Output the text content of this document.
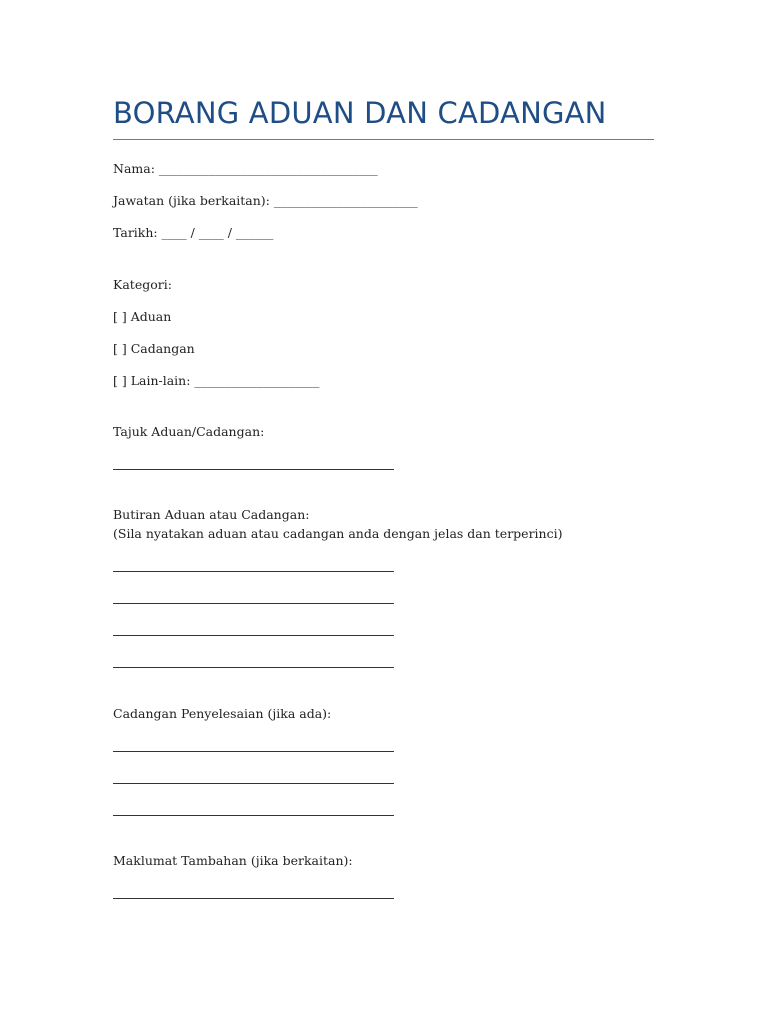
BORANG ADUAN DAN CADANGAN
Nama: ___________________________________
Jawatan (jika berkaitan): _______________________
Tarikh: ____ / ____ / ______
Kategori:
[ ] Aduan
[ ] Cadangan
[ ] Lain-lain: ____________________
Tajuk Aduan/Cadangan:
Butiran Aduan atau Cadangan:
(Sila nyatakan aduan atau cadangan anda dengan jelas dan terperinci)
Cadangan Penyelesaian (jika ada):
Maklumat Tambahan (jika berkaitan):
